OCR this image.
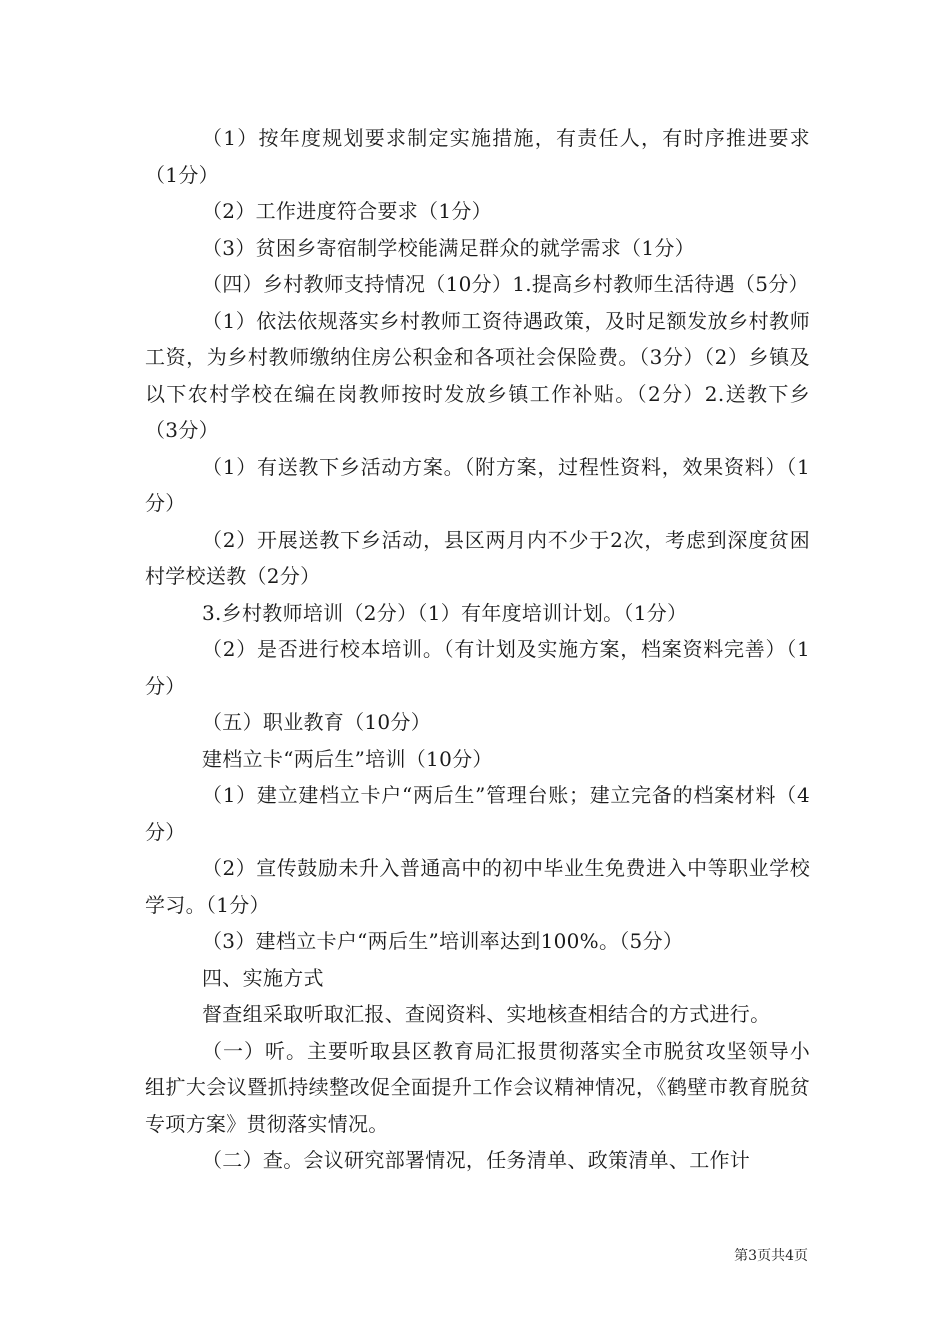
（1）按年度规划要求制定实施措施，有责任人，有时序推进要求（1分）

（2）工作进度符合要求（1分）

（3）贫困乡寄宿制学校能满足群众的就学需求（1分）

（四）乡村教师支持情况（10分）1.提高乡村教师生活待遇（5分）

（1）依法依规落实乡村教师工资待遇政策，及时足额发放乡村教师工资，为乡村教师缴纳住房公积金和各项社会保险费。（3分）（2）乡镇及以下农村学校在编在岗教师按时发放乡镇工作补贴。（2分）2.送教下乡（3分）

（1）有送教下乡活动方案。（附方案，过程性资料，效果资料）（1分）

（2）开展送教下乡活动，县区两月内不少于2次，考虑到深度贫困村学校送教（2分）

3.乡村教师培训（2分）（1）有年度培训计划。（1分）

（2）是否进行校本培训。（有计划及实施方案，档案资料完善）（1分）

（五）职业教育（10分）

建档立卡“两后生”培训（10分）

（1）建立建档立卡户“两后生”管理台账；建立完备的档案材料（4分）

（2）宣传鼓励未升入普通高中的初中毕业生免费进入中等职业学校学习。（1分）

（3）建档立卡户“两后生”培训率达到100%。（5分）

四、实施方式

督查组采取听取汇报、查阅资料、实地核查相结合的方式进行。

（一）听。主要听取县区教育局汇报贯彻落实全市脱贫攻坚领导小组扩大会议暨抓持续整改促全面提升工作会议精神情况，《鹤壁市教育脱贫专项方案》贯彻落实情况。

（二）查。会议研究部署情况，任务清单、政策清单、工作计

第3页共4页
